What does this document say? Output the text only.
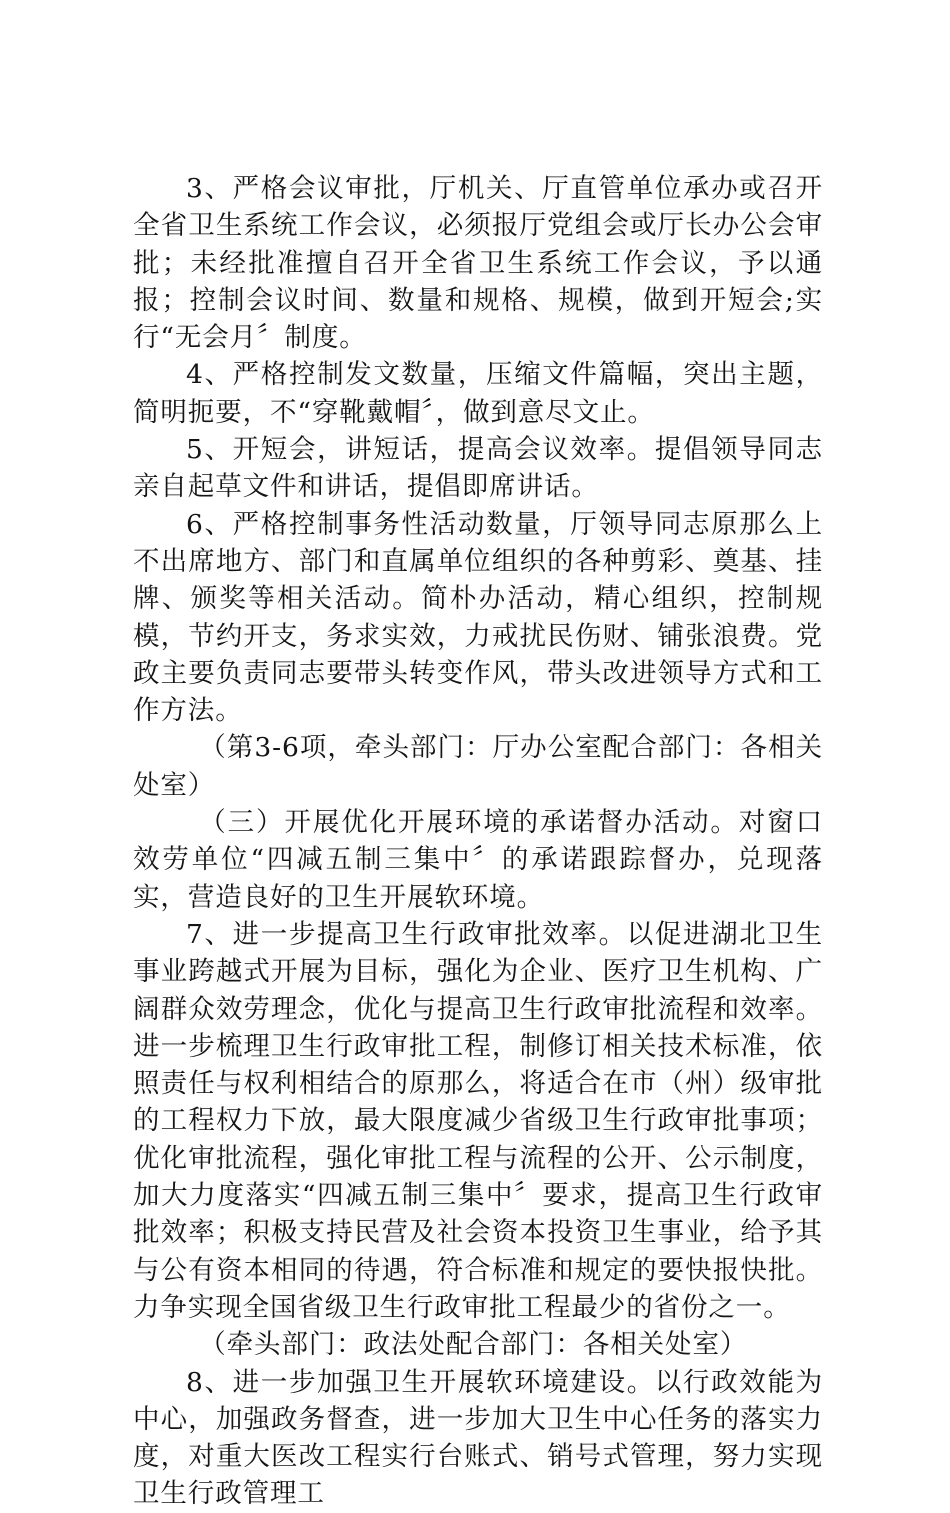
3、严格会议审批，厅机关、厅直管单位承办或召开全省卫生系统工作会议，必须报厅党组会或厅长办公会审批；未经批准擅自召开全省卫生系统工作会议，予以通报；控制会议时间、数量和规格、规模，做到开短会;实行“无会月〞制度。

4、严格控制发文数量，压缩文件篇幅，突出主题，简明扼要，不“穿靴戴帽〞，做到意尽文止。

5、开短会，讲短话，提高会议效率。提倡领导同志亲自起草文件和讲话，提倡即席讲话。

6、严格控制事务性活动数量，厅领导同志原那么上不出席地方、部门和直属单位组织的各种剪彩、奠基、挂牌、颁奖等相关活动。简朴办活动，精心组织，控制规模，节约开支，务求实效，力戒扰民伤财、铺张浪费。党政主要负责同志要带头转变作风，带头改进领导方式和工作方法。

（第3-6项，牵头部门：厅办公室配合部门：各相关处室）

（三）开展优化开展环境的承诺督办活动。对窗口效劳单位“四减五制三集中〞的承诺跟踪督办，兑现落实，营造良好的卫生开展软环境。

7、进一步提高卫生行政审批效率。以促进湖北卫生事业跨越式开展为目标，强化为企业、医疗卫生机构、广阔群众效劳理念，优化与提高卫生行政审批流程和效率。进一步梳理卫生行政审批工程，制修订相关技术标准，依照责任与权利相结合的原那么，将适合在市（州）级审批的工程权力下放，最大限度减少省级卫生行政审批事项；优化审批流程，强化审批工程与流程的公开、公示制度，加大力度落实“四减五制三集中〞要求，提高卫生行政审批效率；积极支持民营及社会资本投资卫生事业，给予其与公有资本相同的待遇，符合标准和规定的要快报快批。力争实现全国省级卫生行政审批工程最少的省份之一。

（牵头部门：政法处配合部门：各相关处室）

8、进一步加强卫生开展软环境建设。以行政效能为中心，加强政务督查，进一步加大卫生中心任务的落实力度，对重大医改工程实行台账式、销号式管理，努力实现卫生行政管理工
